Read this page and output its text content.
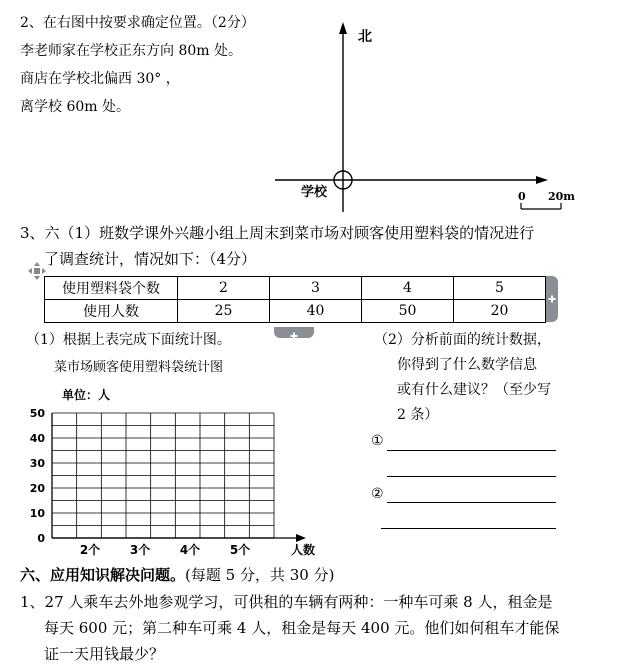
2、在右图中按要求确定位置。（2分）
李老师家在学校正东方向 80m 处。
商店在学校北偏西 30° ，
离学校 60m 处。
北
学校	0 20m
3、六（1）班数学课外兴趣小组上周末到菜市场对顾客使用塑料袋的情况进行
了调查统计，情况如下：（4分）
使用塑料袋个数	2	3	4	5
使用人数	25	40	50	20
（1）根据上表完成下面统计图。
菜市场顾客使用塑料袋统计图
（2）分析前面的统计数据，
你得到了什么数学信息
或有什么建议？（至少写
2 条）
①
②
单位：人
0
10
20
30
40
50
2个 3个 4个 5个	人数
六、应用知识解决问题。(每题 5 分，共 30 分)
1、27 人乘车去外地参观学习，可供租的车辆有两种：一种车可乘 8 人，租金是
每天 600 元；第二种车可乘 4 人，租金是每天 400 元。他们如何租车才能保
证一天用钱最少？
